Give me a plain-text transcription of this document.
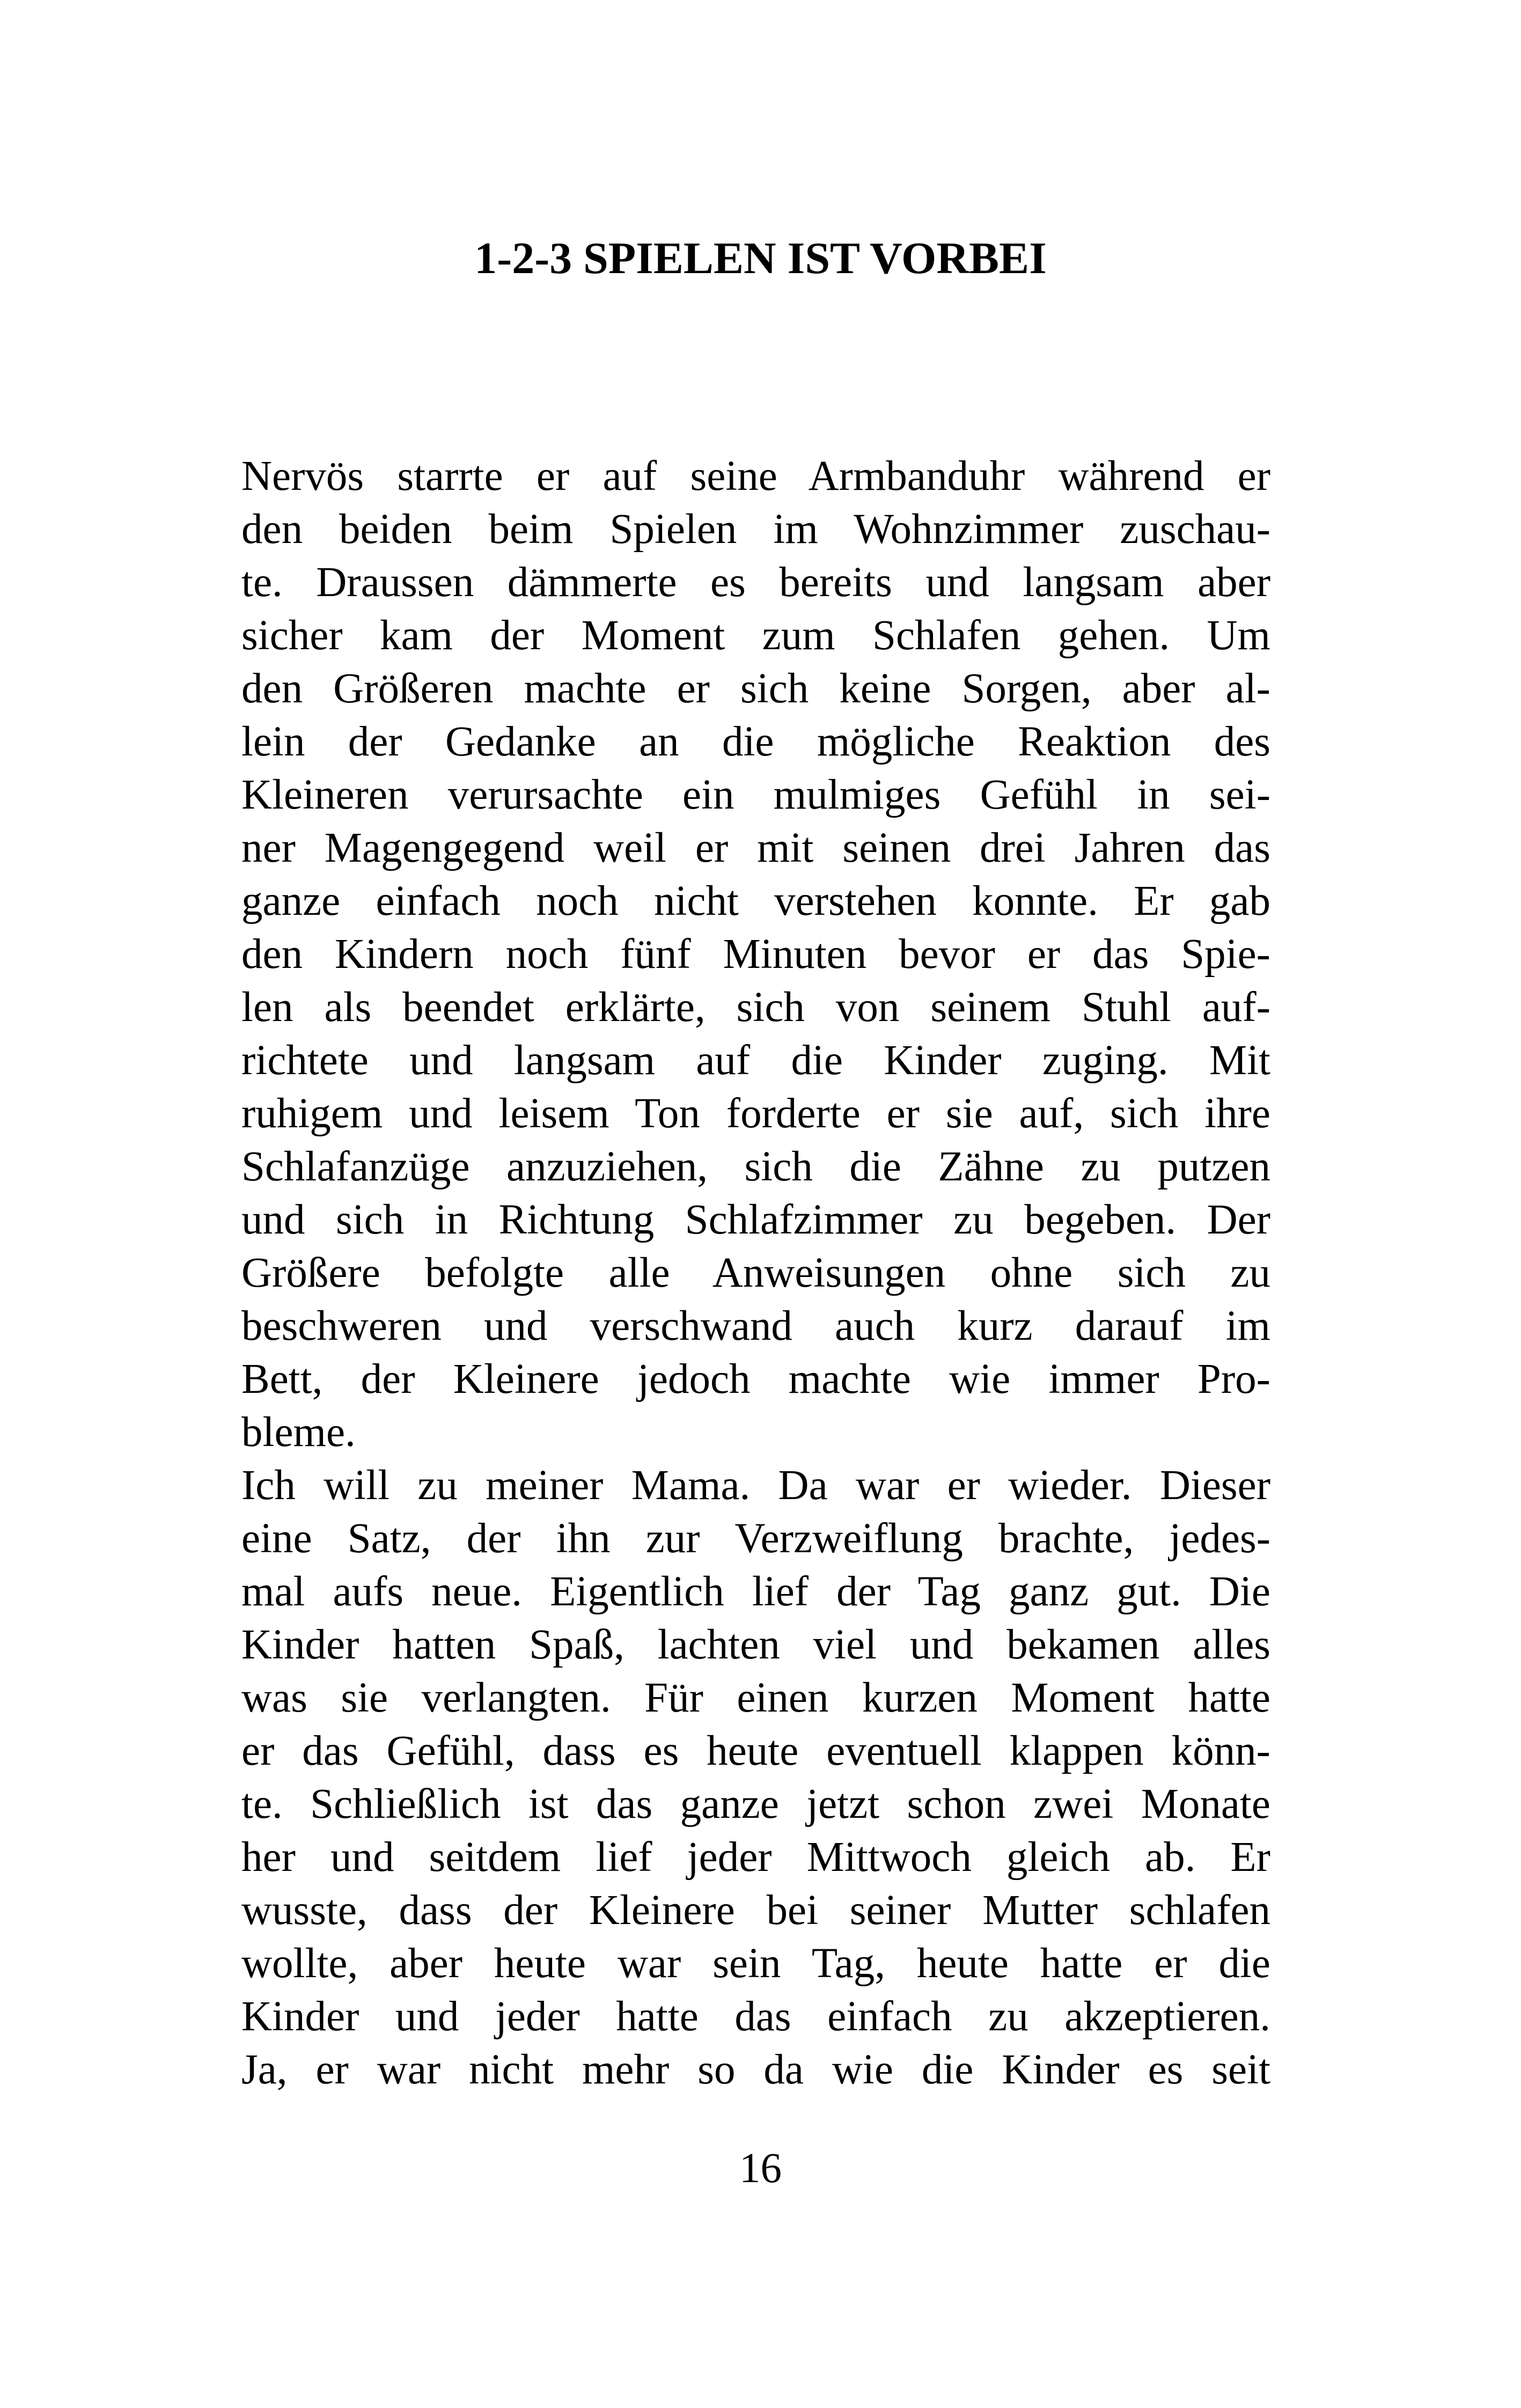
1-2-3 SPIELEN IST VORBEI

Nervös starrte er auf seine Armbanduhr während er
den beiden beim Spielen im Wohnzimmer zuschau-
te. Draussen dämmerte es bereits und langsam aber
sicher kam der Moment zum Schlafen gehen. Um
den Größeren machte er sich keine Sorgen, aber al-
lein der Gedanke an die mögliche Reaktion des
Kleineren verursachte ein mulmiges Gefühl in sei-
ner Magengegend weil er mit seinen drei Jahren das
ganze einfach noch nicht verstehen konnte. Er gab
den Kindern noch fünf Minuten bevor er das Spie-
len als beendet erklärte, sich von seinem Stuhl auf-
richtete und langsam auf die Kinder zuging. Mit
ruhigem und leisem Ton forderte er sie auf, sich ihre
Schlafanzüge anzuziehen, sich die Zähne zu putzen
und sich in Richtung Schlafzimmer zu begeben. Der
Größere befolgte alle Anweisungen ohne sich zu
beschweren und verschwand auch kurz darauf im
Bett, der Kleinere jedoch machte wie immer Pro-
bleme.

Ich will zu meiner Mama. Da war er wieder. Dieser
eine Satz, der ihn zur Verzweiflung brachte, jedes-
mal aufs neue. Eigentlich lief der Tag ganz gut. Die
Kinder hatten Spaß, lachten viel und bekamen alles
was sie verlangten. Für einen kurzen Moment hatte
er das Gefühl, dass es heute eventuell klappen könn-
te. Schließlich ist das ganze jetzt schon zwei Monate
her und seitdem lief jeder Mittwoch gleich ab. Er
wusste, dass der Kleinere bei seiner Mutter schlafen
wollte, aber heute war sein Tag, heute hatte er die
Kinder und jeder hatte das einfach zu akzeptieren.
Ja, er war nicht mehr so da wie die Kinder es seit

16
